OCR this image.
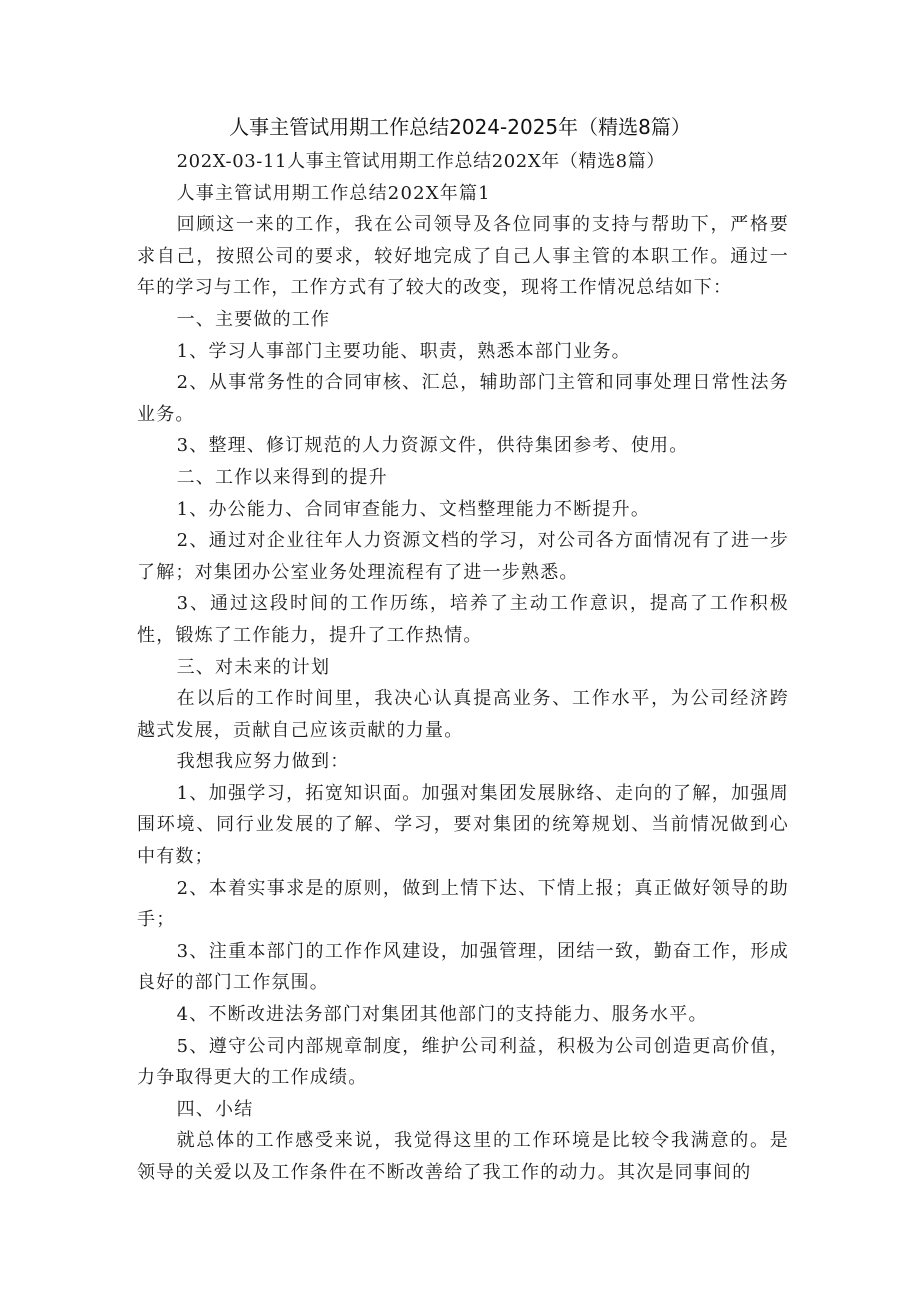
人事主管试用期工作总结2024-2025年（精选8篇）

202X-03-11人事主管试用期工作总结202X年（精选8篇）

人事主管试用期工作总结202X年篇1

回顾这一来的工作，我在公司领导及各位同事的支持与帮助下，严格要求自己，按照公司的要求，较好地完成了自己人事主管的本职工作。通过一年的学习与工作，工作方式有了较大的改变，现将工作情况总结如下：

一、主要做的工作

1、学习人事部门主要功能、职责，熟悉本部门业务。

2、从事常务性的合同审核、汇总，辅助部门主管和同事处理日常性法务业务。

3、整理、修订规范的人力资源文件，供待集团参考、使用。

二、工作以来得到的提升

1、办公能力、合同审查能力、文档整理能力不断提升。

2、通过对企业往年人力资源文档的学习，对公司各方面情况有了进一步了解；对集团办公室业务处理流程有了进一步熟悉。

3、通过这段时间的工作历练，培养了主动工作意识，提高了工作积极性，锻炼了工作能力，提升了工作热情。

三、对未来的计划

在以后的工作时间里，我决心认真提高业务、工作水平，为公司经济跨越式发展，贡献自己应该贡献的力量。

我想我应努力做到：

1、加强学习，拓宽知识面。加强对集团发展脉络、走向的了解，加强周围环境、同行业发展的了解、学习，要对集团的统筹规划、当前情况做到心中有数；

2、本着实事求是的原则，做到上情下达、下情上报；真正做好领导的助手；

3、注重本部门的工作作风建设，加强管理，团结一致，勤奋工作，形成良好的部门工作氛围。

4、不断改进法务部门对集团其他部门的支持能力、服务水平。

5、遵守公司内部规章制度，维护公司利益，积极为公司创造更高价值，力争取得更大的工作成绩。

四、小结

就总体的工作感受来说，我觉得这里的工作环境是比较令我满意的。是领导的关爱以及工作条件在不断改善给了我工作的动力。其次是同事间的
